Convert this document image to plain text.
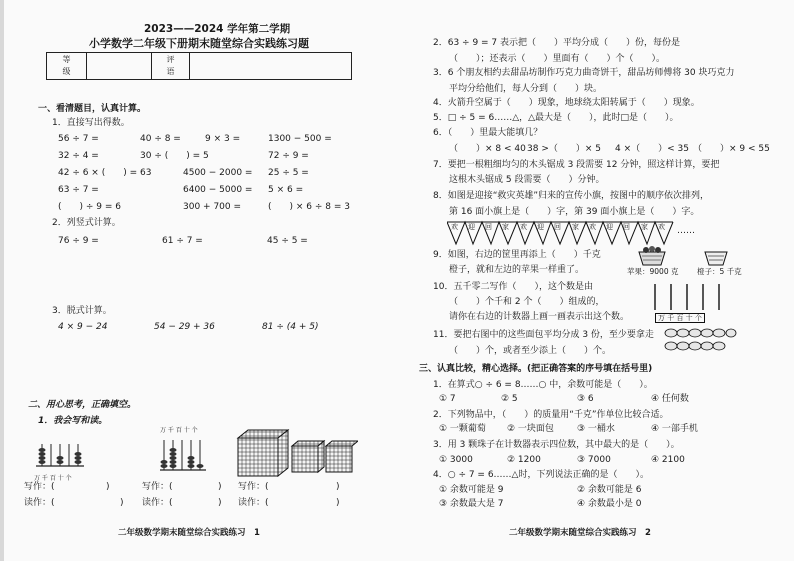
2023——2024 学年第二学期
小学数学二年级下册期末随堂综合实践练习题
等
级
评
语
一、看清题目，认真计算。
1．直接写出得数。
56 ÷ 7 =	40 ÷ 8 =	9 × 3 =	1300 − 500 =
32 ÷ 4 =	30 ÷ (　　) = 5	72 ÷ 9 =
42 ÷ 6 × (　　) = 63	4500 − 2000 = 25 ÷ 5 =
63 ÷ 7 =	6400 − 5000 = 5 × 6 =
(　　) ÷ 9 = 6	300 + 700 =	(　　) × 6 ÷ 8 = 3
2．列竖式计算。
76 ÷ 9 =	61 ÷ 7 =	45 ÷ 5 =
3．脱式计算。
4 × 9 − 24	54 − 29 + 36	81 ÷ (4 + 5)
二、用心思考，正确填空。
1．我会写和读。
万 千 百 十 个
万 千 百 十 个
写作：(
读作：(
写作：(
读作：(
写作：(
读作：(
)
)
)
)
)
)
二年级数学期末随堂综合实践练习　1
2．63 ÷ 9 = 7 表示把（　　）平均分成（　　）份，每份是
（　　）；还表示（　　）里面有（　　）个（　　）。
3．6 个朋友相约去甜品坊制作巧克力曲奇饼干，甜品坊师傅将 30 块巧克力
平均分给他们，每人分到（　　）块。
4．火箭升空属于（　　）现象，地球绕太阳转属于（　　）现象。
5．□ ÷ 5 = 6……△，△最大是（　　），此时□是（　　）。
6．（　　）里最大能填几？
（　　）× 8 < 40 38 >（　　）× 5 4 ×（　　）< 35 （　　）× 9 < 55
7．要把一根粗细均匀的木头锯成 3 段需要 12 分钟，照这样计算，要把
这根木头锯成 5 段需要（　　）分钟。
8．如图是迎接“救灾英雄”归来的宣传小旗，按图中的顺序依次排列，
第 16 面小旗上是（　　）字，第 39 面小旗上是（　　）字。
欢 迎 回 家 欢 迎 回 家 欢 迎 回 家 欢 ……
9．如图，右边的筐里再添上（　　）千克
橙子，就和左边的苹果一样重了。	苹果：9000 克 橙子：5 千克
10．五千零二写作（　　），这个数是由
（　　）个千和 2 个（　　）组成的，
请你在右边的计数器上画一画表示出这个数。	万 千 百 十 个
11．要把右图中的这些面包平均分成 3 份，至少要拿走
（　　）个，或者至少添上（　　）个。
三、认真比较，精心选择。(把正确答案的序号填在括号里)
1．在算式○ ÷ 6 = 8……○ 中，余数可能是（　　）。
① 7	② 5	③ 6	④ 任何数
2．下列物品中，（　　）的质量用“千克”作单位比较合适。
① 一颗葡萄 ② 一块面包	③ 一桶水	④ 一部手机
3．用 3 颗珠子在计数器表示四位数，其中最大的是（　　）。
① 3000	② 1200	③ 7000	④ 2100
4．○ ÷ 7 = 6……△时，下列说法正确的是（　　）。
① 余数可能是 9	② 余数可能是 6
③ 余数最大是 7	④ 余数最小是 0
二年级数学期末随堂综合实践练习　2
